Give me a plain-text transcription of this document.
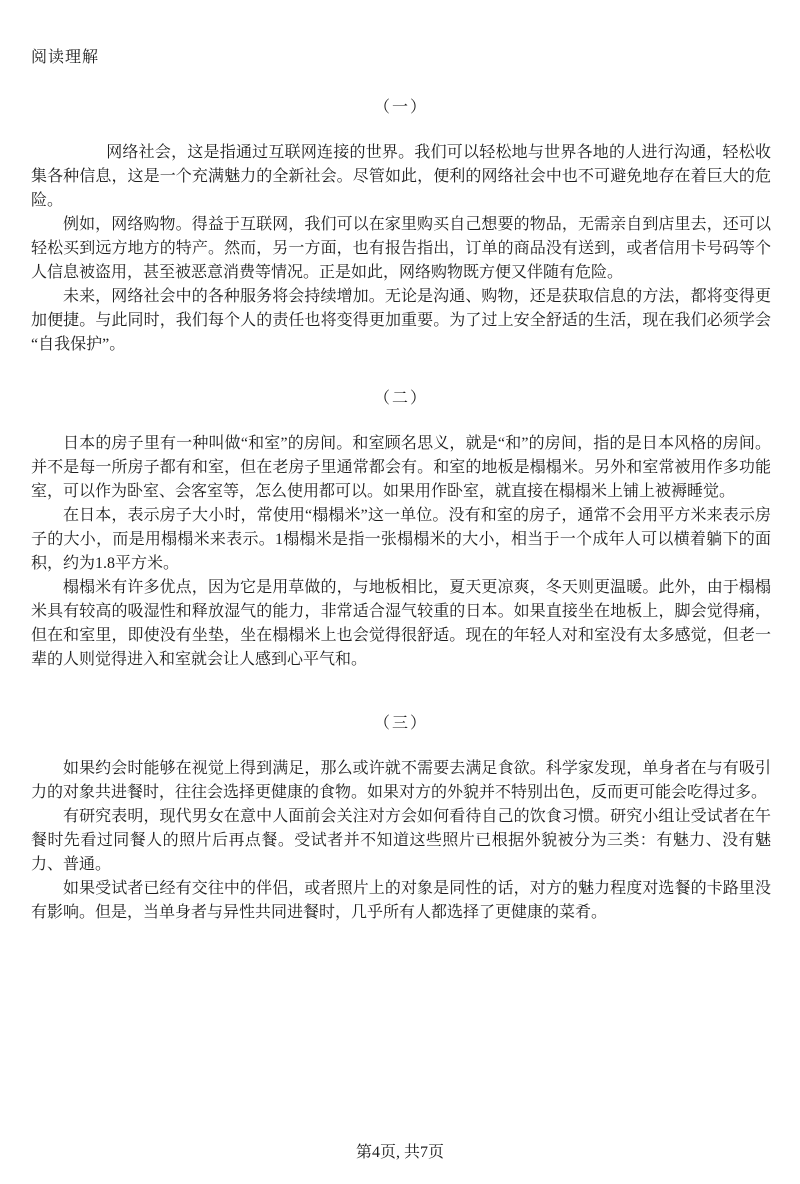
阅读理解
（一）

网络社会，这是指通过互联网连接的世界。我们可以轻松地与世界各地的人进行沟通，轻松收集各种信息，这是一个充满魅力的全新社会。尽管如此，便利的网络社会中也不可避免地存在着巨大的危险。

例如，网络购物。得益于互联网，我们可以在家里购买自己想要的物品，无需亲自到店里去，还可以轻松买到远方地方的特产。然而，另一方面，也有报告指出，订单的商品没有送到，或者信用卡号码等个人信息被盗用，甚至被恶意消费等情况。正是如此，网络购物既方便又伴随有危险。

未来，网络社会中的各种服务将会持续增加。无论是沟通、购物，还是获取信息的方法，都将变得更加便捷。与此同时，我们每个人的责任也将变得更加重要。为了过上安全舒适的生活，现在我们必须学会“自我保护”。

（二）

日本的房子里有一种叫做“和室”的房间。和室顾名思义，就是“和”的房间，指的是日本风格的房间。并不是每一所房子都有和室，但在老房子里通常都会有。和室的地板是榻榻米。另外和室常被用作多功能室，可以作为卧室、会客室等，怎么使用都可以。如果用作卧室，就直接在榻榻米上铺上被褥睡觉。

在日本，表示房子大小时，常使用“榻榻米”这一单位。没有和室的房子，通常不会用平方米来表示房子的大小，而是用榻榻米来表示。1榻榻米是指一张榻榻米的大小，相当于一个成年人可以横着躺下的面积，约为1.8平方米。

榻榻米有许多优点，因为它是用草做的，与地板相比，夏天更凉爽，冬天则更温暖。此外，由于榻榻米具有较高的吸湿性和释放湿气的能力，非常适合湿气较重的日本。如果直接坐在地板上，脚会觉得痛，但在和室里，即使没有坐垫，坐在榻榻米上也会觉得很舒适。现在的年轻人对和室没有太多感觉，但老一辈的人则觉得进入和室就会让人感到心平气和。

（三）

如果约会时能够在视觉上得到满足，那么或许就不需要去满足食欲。科学家发现，单身者在与有吸引力的对象共进餐时，往往会选择更健康的食物。如果对方的外貌并不特别出色，反而更可能会吃得过多。

有研究表明，现代男女在意中人面前会关注对方会如何看待自己的饮食习惯。研究小组让受试者在午餐时先看过同餐人的照片后再点餐。受试者并不知道这些照片已根据外貌被分为三类：有魅力、没有魅力、普通。

如果受试者已经有交往中的伴侣，或者照片上的对象是同性的话，对方的魅力程度对选餐的卡路里没有影响。但是，当单身者与异性共同进餐时，几乎所有人都选择了更健康的菜肴。

第4页, 共7页
